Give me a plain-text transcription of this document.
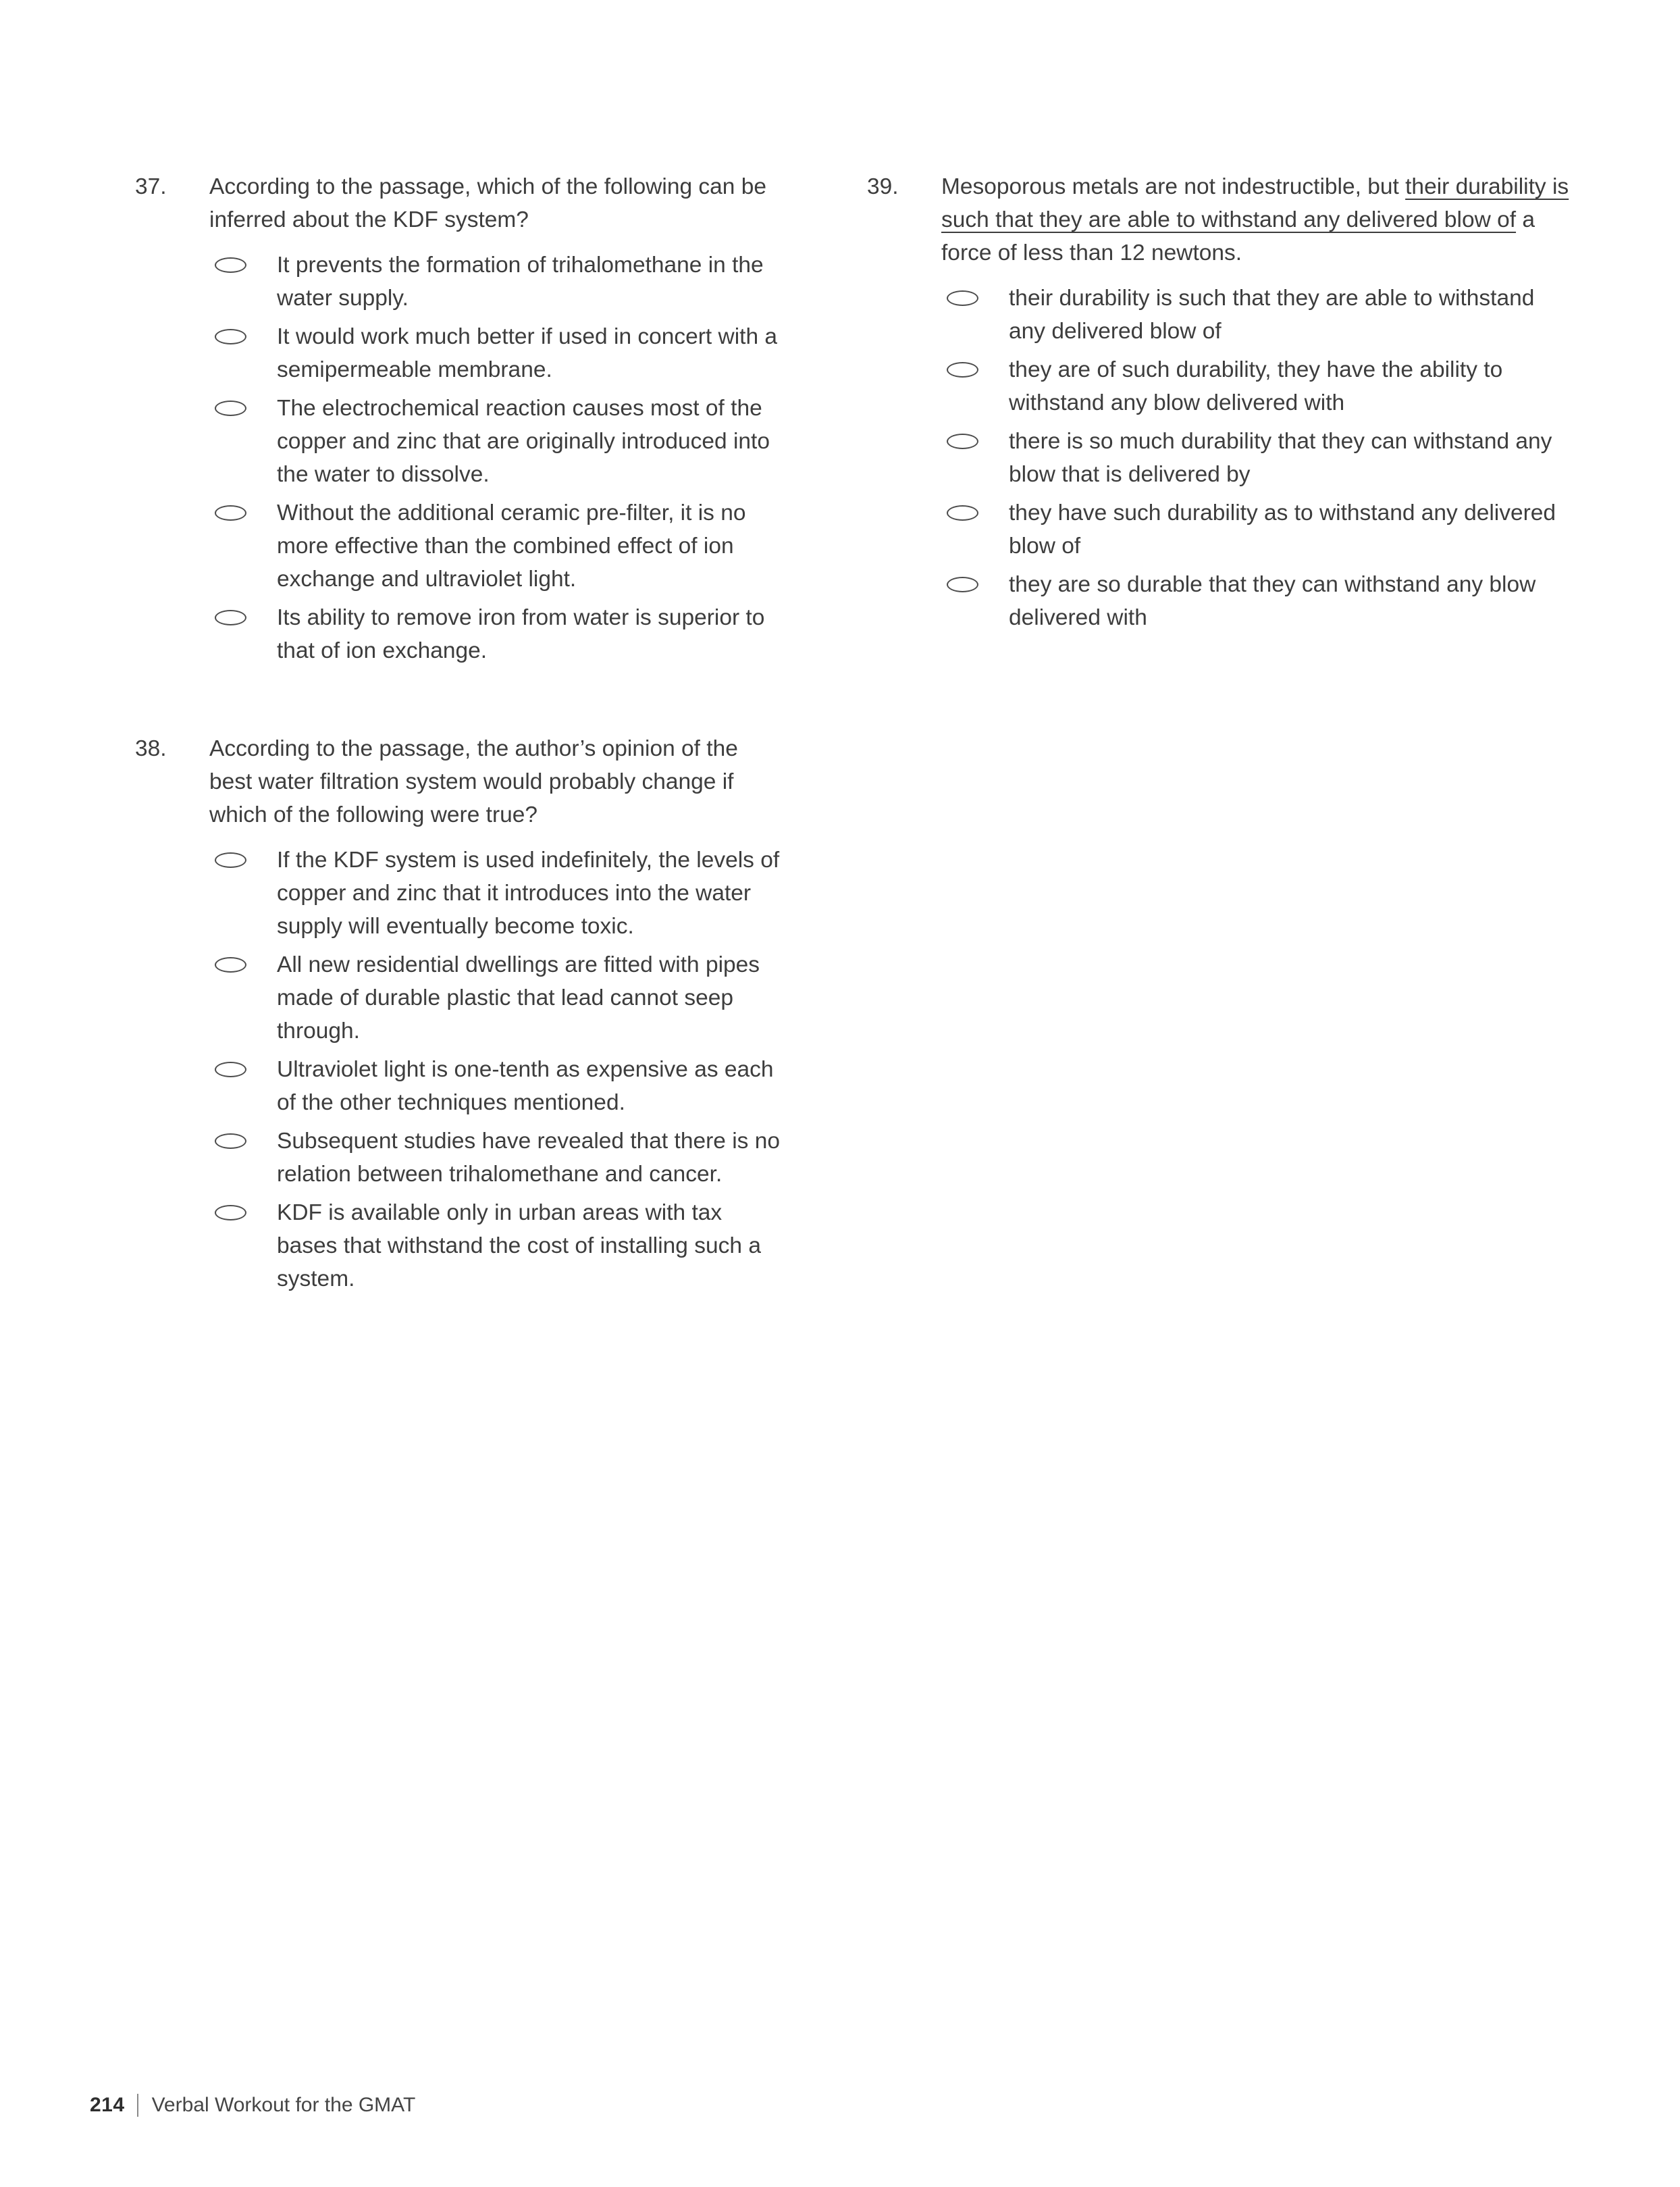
37.	According to the passage, which of the following can be inferred about the KDF system?

It prevents the formation of trihalomethane in the water supply.
It would work much better if used in concert with a semipermeable membrane.
The electrochemical reaction causes most of the copper and zinc that are originally introduced into the water to dissolve.
Without the additional ceramic pre-filter, it is no more effective than the combined effect of ion exchange and ultraviolet light.
Its ability to remove iron from water is superior to that of ion exchange.
38.	According to the passage, the author’s opinion of the best water filtration system would probably change if which of the following were true?

If the KDF system is used indefinitely, the levels of copper and zinc that it introduces into the water supply will eventually become toxic.
All new residential dwellings are fitted with pipes made of durable plastic that lead cannot seep through.
Ultraviolet light is one-tenth as expensive as each of the other techniques mentioned.
Subsequent studies have revealed that there is no relation between trihalomethane and cancer.
KDF is available only in urban areas with tax bases that withstand the cost of installing such a system.
39.	Mesoporous metals are not indestructible, but their durability is such that they are able to withstand any delivered blow of a force of less than 12 newtons.

their durability is such that they are able to withstand any delivered blow of
they are of such durability, they have the ability to withstand any blow delivered with
there is so much durability that they can withstand any blow that is delivered by
they have such durability as to withstand any delivered blow of
they are so durable that they can withstand any blow delivered with
214 Verbal Workout for the GMAT
